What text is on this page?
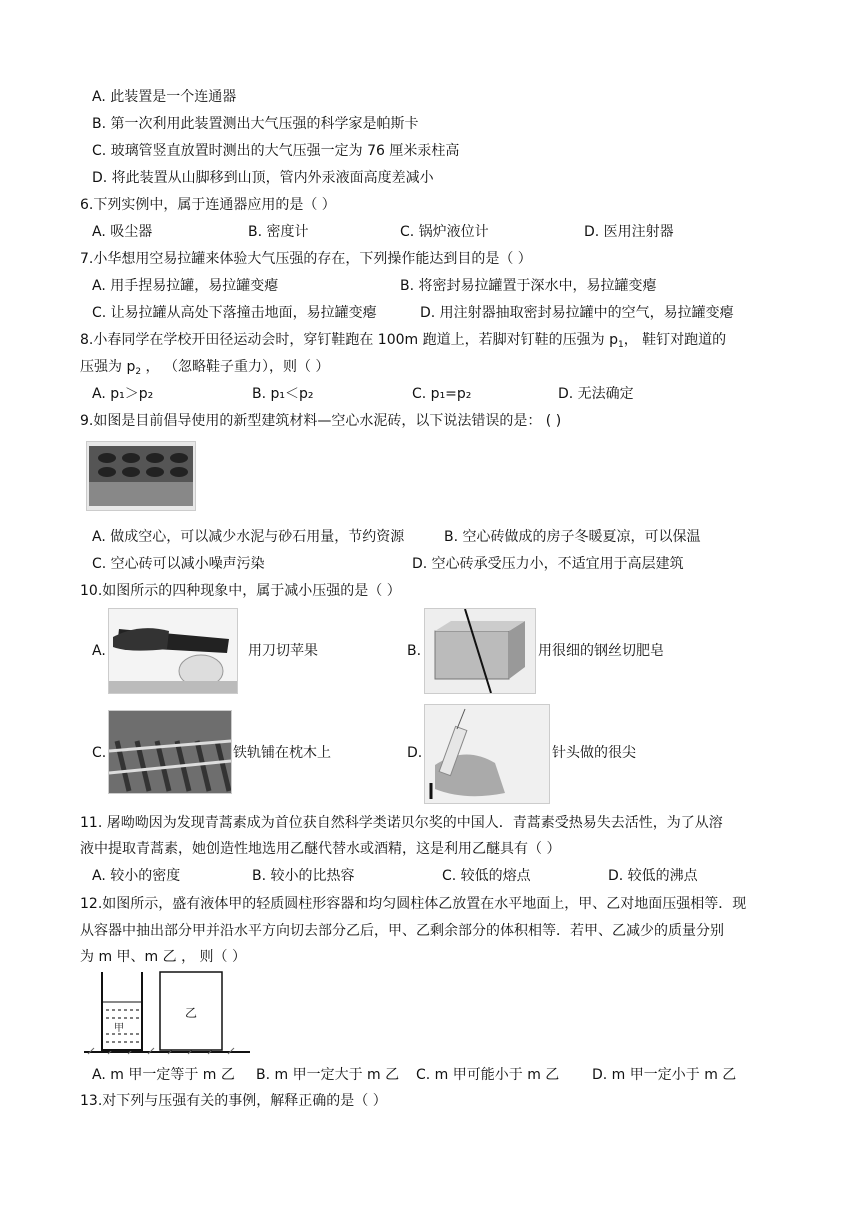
A. 此装置是一个连通器
B. 第一次利用此装置测出大气压强的科学家是帕斯卡
C. 玻璃管竖直放置时测出的大气压强一定为 76 厘米汞柱高
D. 将此装置从山脚移到山顶，管内外汞液面高度差减小
6.下列实例中，属于连通器应用的是（ ）
A. 吸尘器	B. 密度计	C. 锅炉液位计	D. 医用注射器
7.小华想用空易拉罐来体验大气压强的存在，下列操作能达到目的是（ ）
A. 用手捏易拉罐，易拉罐变瘪	B. 将密封易拉罐置于深水中，易拉罐变瘪
C. 让易拉罐从高处下落撞击地面，易拉罐变瘪	D. 用注射器抽取密封易拉罐中的空气，易拉罐变瘪
8.小春同学在学校开田径运动会时，穿钉鞋跑在 100m 跑道上，若脚对钉鞋的压强为 $p_1$， 鞋钉对跑道的
压强为 $p_2$ ， （忽略鞋子重力），则（ ）
A. p₁＞p₂	B. p₁＜p₂	C. p₁=p₂	D. 无法确定
9.如图是目前倡导使用的新型建筑材料—空心水泥砖，以下说法错误的是： ( )
A. 做成空心，可以减少水泥与砂石用量，节约资源	B. 空心砖做成的房子冬暖夏凉，可以保温
C. 空心砖可以减小噪声污染	D. 空心砖承受压力小，不适宜用于高层建筑
10.如图所示的四种现象中，属于减小压强的是（ ）
A.	用刀切苹果	B.	用很细的钢丝切肥皂
C.	铁轨铺在枕木上	D.	针头做的很尖
11. 屠呦呦因为发现青蒿素成为首位获自然科学类诺贝尔奖的中国人．青蒿素受热易失去活性，为了从溶
液中提取青蒿素，她创造性地选用乙醚代替水或酒精，这是利用乙醚具有（ ）
A. 较小的密度	B. 较小的比热容	C. 较低的熔点	D. 较低的沸点
12.如图所示，盛有液体甲的轻质圆柱形容器和均匀圆柱体乙放置在水平地面上，甲、乙对地面压强相等．现
从容器中抽出部分甲并沿水平方向切去部分乙后，甲、乙剩余部分的体积相等．若甲、乙减少的质量分别
为 m 甲、m 乙 ， 则（ ）
甲
乙
A. m 甲一定等于 m 乙 B. m 甲一定大于 m 乙 C. m 甲可能小于 m 乙 D. m 甲一定小于 m 乙
13.对下列与压强有关的事例，解释正确的是（ ）
